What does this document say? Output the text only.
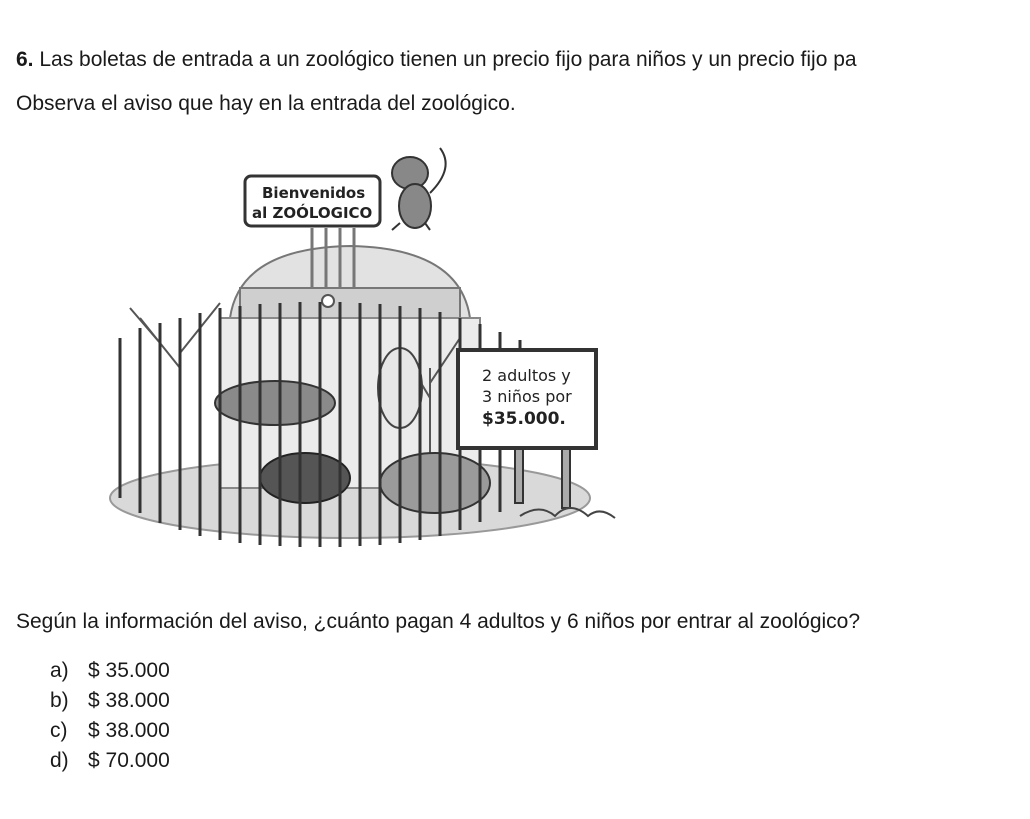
6. Las boletas de entrada a un zoológico tienen un precio fijo para niños y un precio fijo pa
Observa el aviso que hay en la entrada del zoológico.
Bienvenidos
al ZOÓLOGICO
2 adultos y
3 niños por
$35.000.
Según la información del aviso, ¿cuánto pagan 4 adultos y 6 niños por entrar al zoológico?
a) $ 35.000
b) $ 38.000
c) $ 38.000
d) $ 70.000
